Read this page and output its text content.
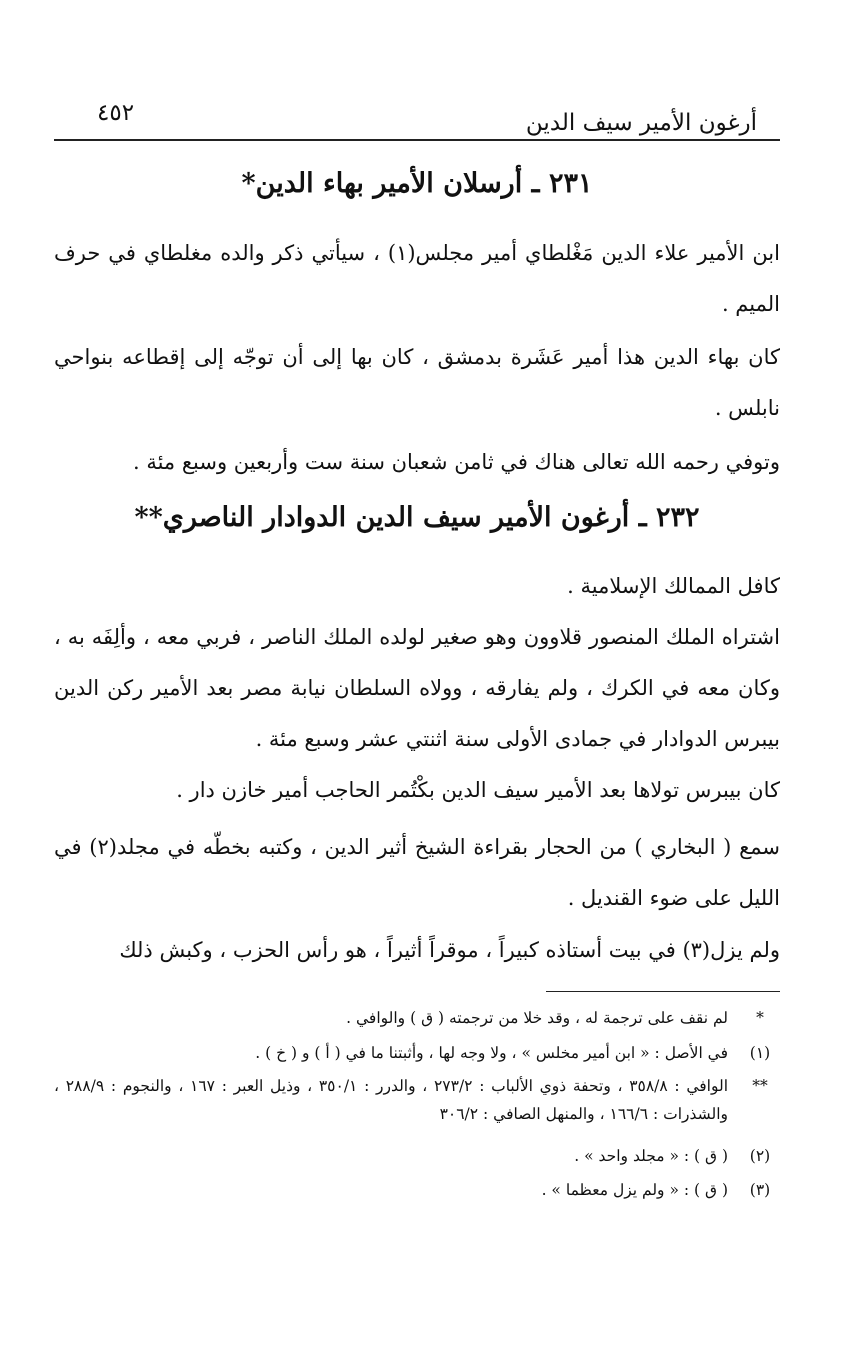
أرغون الأمير سيف الدين
٤٥٢
٢٣١ ـ أرسلان الأمير بهاء الدين*
ابن الأمير علاء الدين مَغْلطاي أمير مجلس(١) ، سيأتي ذكر والده مغلطاي في حرف الميم .
كان بهاء الدين هذا أمير عَشَرة بدمشق ، كان بها إلى أن توجّه إلى إقطاعه بنواحي نابلس .
وتوفي رحمه الله تعالى هناك في ثامن شعبان سنة ست وأربعين وسبع مئة .
٢٣٢ ـ أرغون الأمير سيف الدين الدوادار الناصري**
كافل الممالك الإسلامية .
اشتراه الملك المنصور قلاوون وهو صغير لولده الملك الناصر ، فربي معه ، وألِفَه به ، وكان معه في الكرك ، ولم يفارقه ، وولاه السلطان نيابة مصر بعد الأمير ركن الدين بيبرس الدوادار في جمادى الأولى سنة اثنتي عشر وسبع مئة .
كان بيبرس تولاها بعد الأمير سيف الدين بكْتُمر الحاجب أمير خازن دار .
سمع ( البخاري ) من الحجار بقراءة الشيخ أثير الدين ، وكتبه بخطّه في مجلد(٢) في الليل على ضوء القنديل .
ولم يزل(٣) في بيت أستاذه كبيراً ، موقراً أثيراً ، هو رأس الحزب ، وكبش ذلك
*
لم نقف على ترجمة له ، وقد خلا من ترجمته ( ق ) والوافي .
(١)
في الأصل : « ابن أمير مخلس » ، ولا وجه لها ، وأثبتنا ما في ( أ ) و ( خ ) .
**
الوافي : ٣٥٨/٨ ، وتحفة ذوي الألباب : ٢٧٣/٢ ، والدرر : ٣٥٠/١ ، وذيل العبر : ١٦٧ ، والنجوم : ٢٨٨/٩ ، والشذرات : ١٦٦/٦ ، والمنهل الصافي : ٣٠٦/٢
(٢)
( ق ) : « مجلد واحد » .
(٣)
( ق ) : « ولم يزل معظما » .
